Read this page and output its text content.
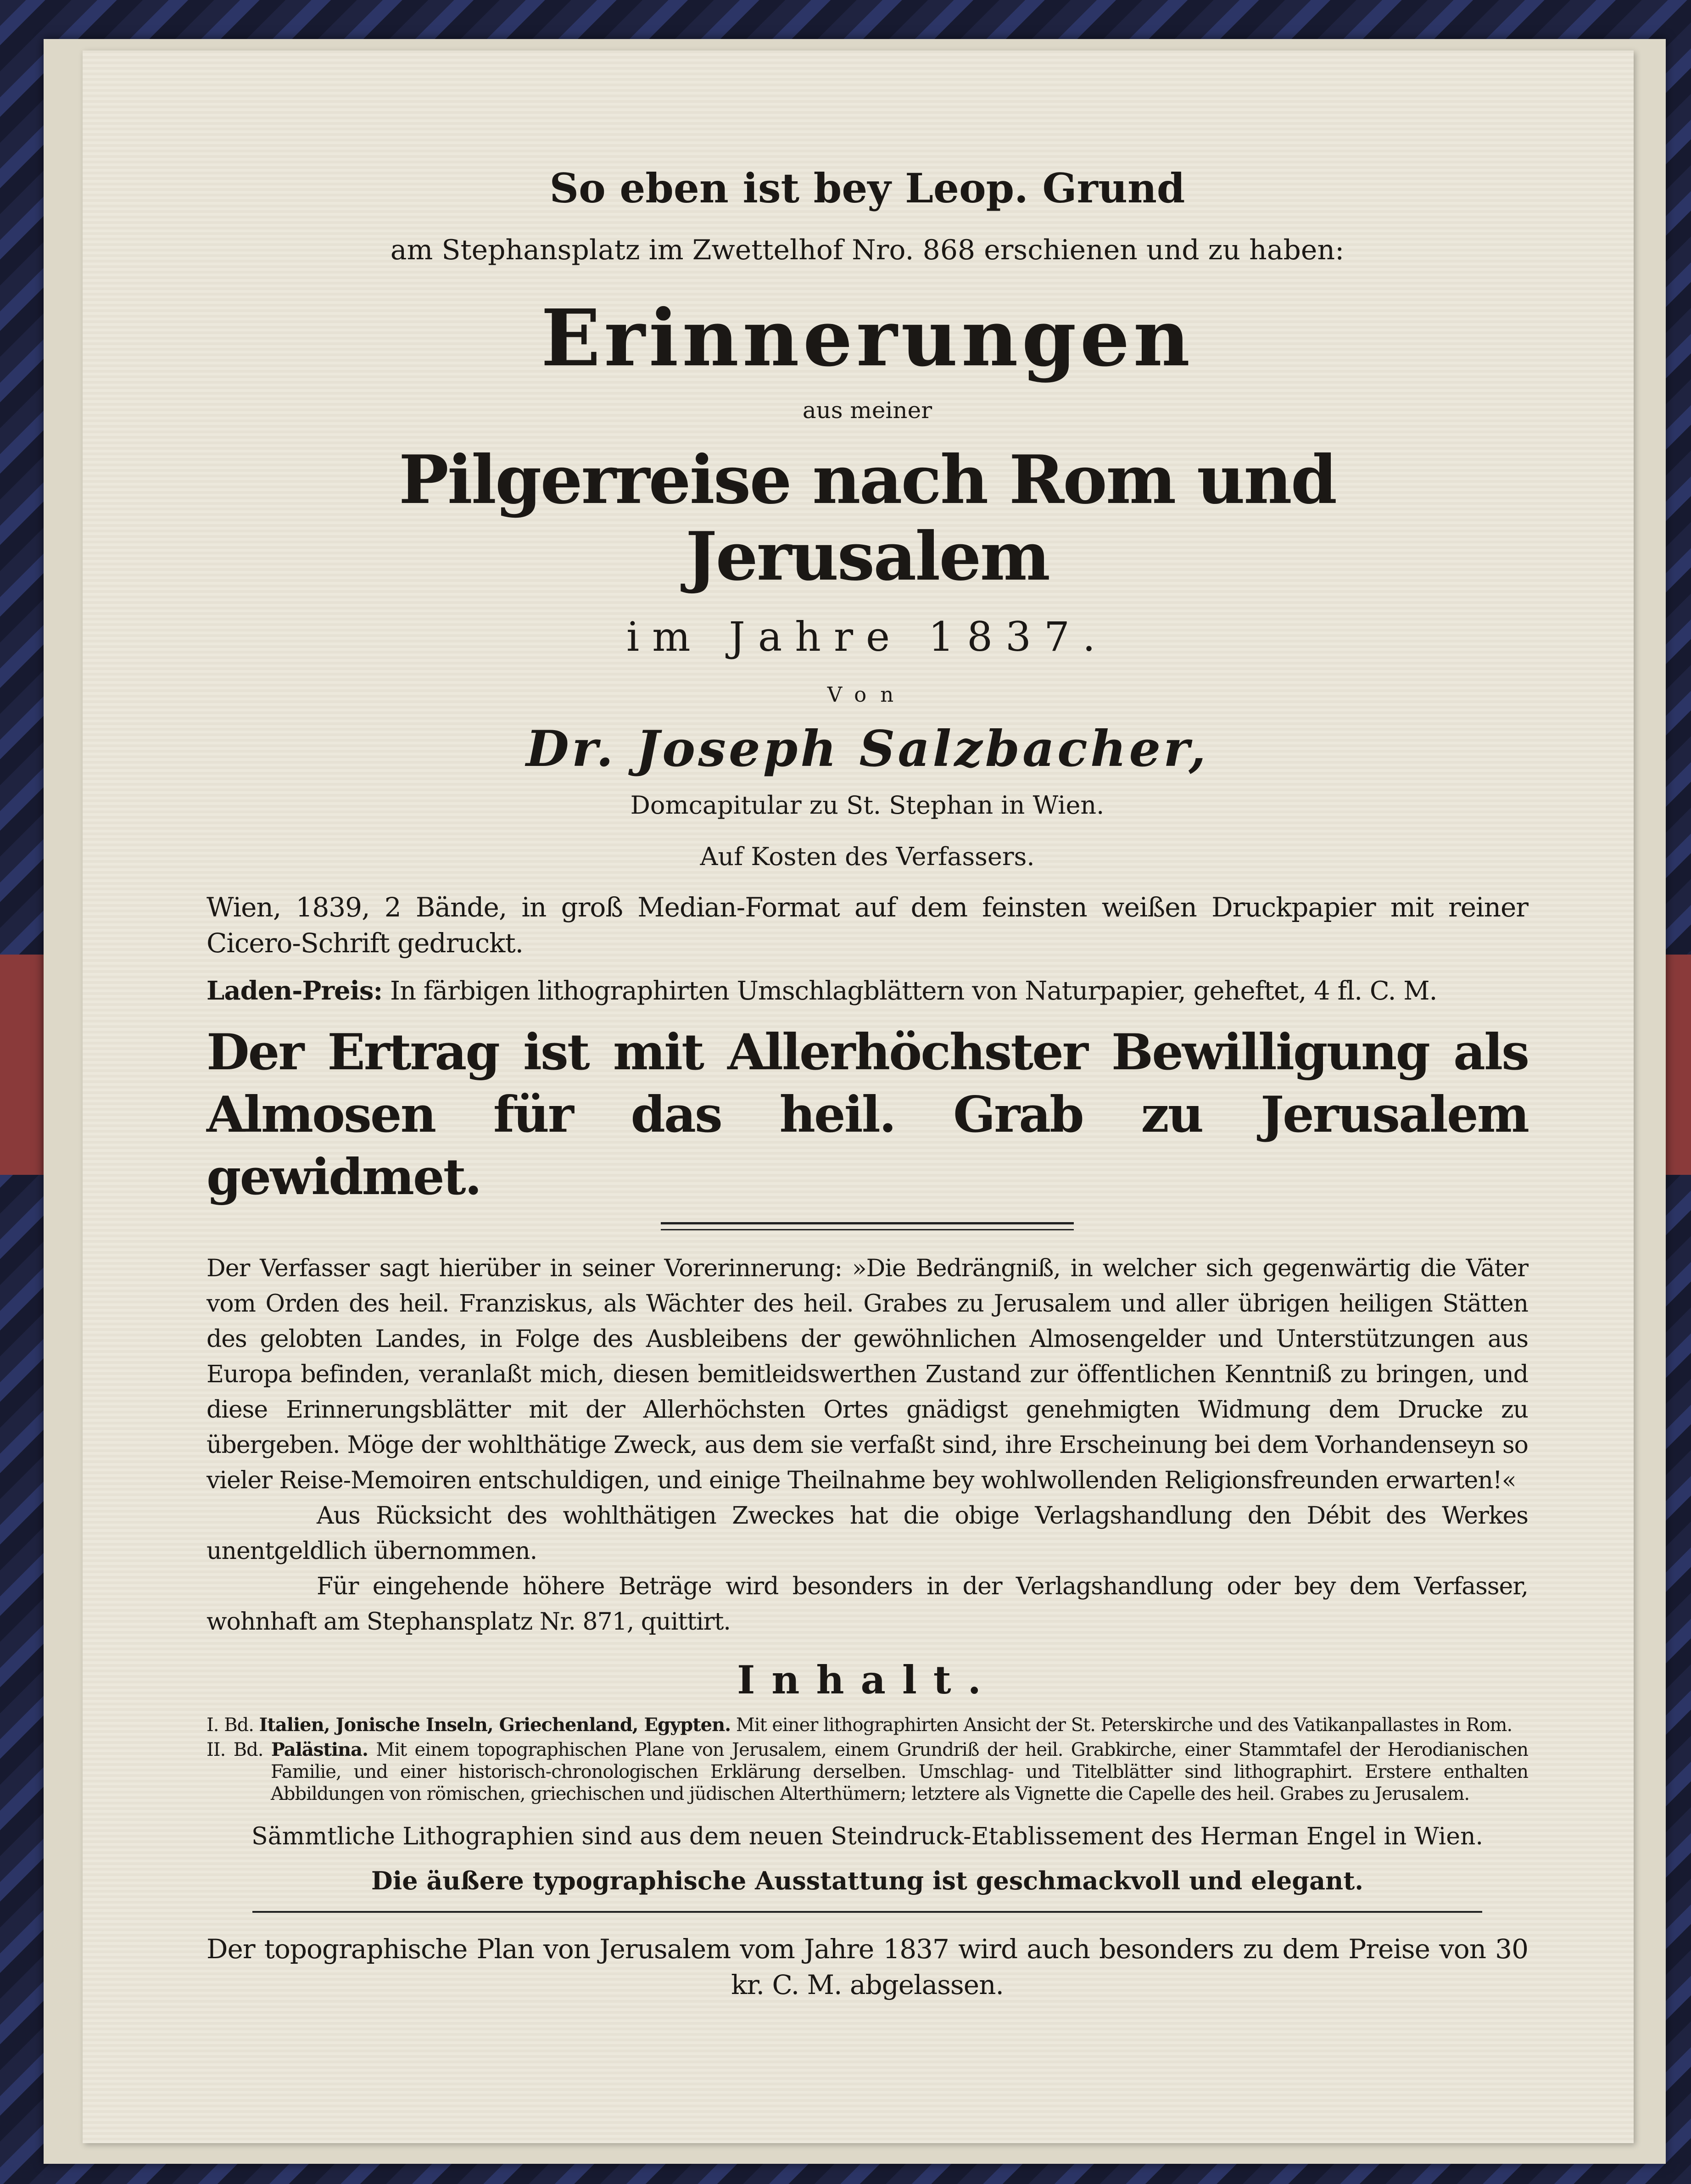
So eben ist bey Leop. Grund
am Stephansplatz im Zwettelhof Nro. 868 erschienen und zu haben:
Erinnerungen
aus meiner
Pilgerreise nach Rom und Jerusalem
im Jahre 1837.
Von
Dr. Joseph Salzbacher,
Domcapitular zu St. Stephan in Wien.
Auf Kosten des Verfassers.
Wien, 1839, 2 Bände, in groß Median-Format auf dem feinsten weißen Druckpapier mit reiner Cicero-Schrift gedruckt.
Laden-Preis: In färbigen lithographirten Umschlagblättern von Naturpapier, geheftet, 4 fl. C. M.
Der Ertrag ist mit Allerhöchster Bewilligung als Almosen für das heil. Grab zu Jerusalem gewidmet.
Der Verfasser sagt hierüber in seiner Vorerinnerung: »Die Bedrängniß, in welcher sich gegenwärtig die Väter vom Orden des heil. Franziskus, als Wächter des heil. Grabes zu Jerusalem und aller übrigen heiligen Stätten des gelobten Landes, in Folge des Ausbleibens der gewöhnlichen Almosengelder und Unterstützungen aus Europa befinden, veranlaßt mich, diesen bemitleidswerthen Zustand zur öffentlichen Kenntniß zu bringen, und diese Erinnerungsblätter mit der Allerhöchsten Ortes gnädigst genehmigten Widmung dem Drucke zu übergeben. Möge der wohlthätige Zweck, aus dem sie verfaßt sind, ihre Erscheinung bei dem Vorhandenseyn so vieler Reise-Memoiren entschuldigen, und einige Theilnahme bey wohlwollenden Religionsfreunden erwarten!«
Aus Rücksicht des wohlthätigen Zweckes hat die obige Verlagshandlung den Débit des Werkes unentgeldlich übernommen.
Für eingehende höhere Beträge wird besonders in der Verlagshandlung oder bey dem Verfasser, wohnhaft am Stephansplatz Nr. 871, quittirt.
Inhalt.
I. Bd. Italien, Jonische Inseln, Griechenland, Egypten. Mit einer lithographirten Ansicht der St. Peterskirche und des Vatikanpallastes in Rom.
II. Bd. Palästina. Mit einem topographischen Plane von Jerusalem, einem Grundriß der heil. Grabkirche, einer Stammtafel der Herodianischen Familie, und einer historisch-chronologischen Erklärung derselben. Umschlag- und Titelblätter sind lithographirt. Erstere enthalten Abbildungen von römischen, griechischen und jüdischen Alterthümern; letztere als Vignette die Capelle des heil. Grabes zu Jerusalem.
Sämmtliche Lithographien sind aus dem neuen Steindruck-Etablissement des Herman Engel in Wien.
Die äußere typographische Ausstattung ist geschmackvoll und elegant.
Der topographische Plan von Jerusalem vom Jahre 1837 wird auch besonders zu dem Preise von 30 kr. C. M. abgelassen.
